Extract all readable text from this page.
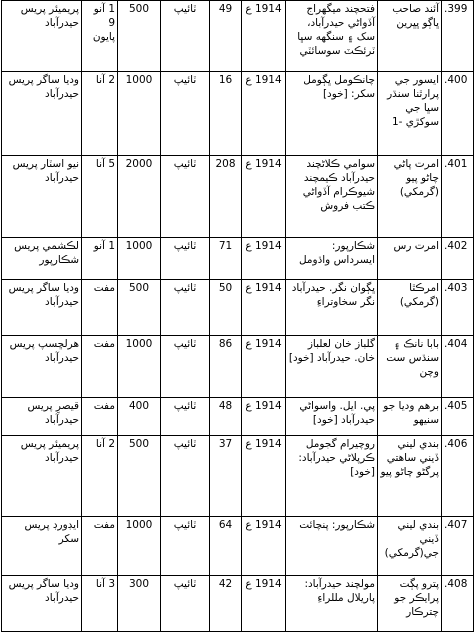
پريميئر پريس حيدرآباد	1 آنو 9 پايون	500	ٽائيپ	49	1914 ع	فتحچند ميگهراج آڏواڻي حيدرآباد، سک ۽ سنگهه سڀا ٽرئڪٽ سوسائٽي	آئند صاحب ڀاڳو ڀڀرين	.399
وديا ساگر پريس حيدرآباد	2 آنا	1000	ٽائيپ	16	1914 ع	چانڪومل ڀڳومل سکر: [خود]	ايسور جي پرارٿنا سنڌر سڀا جي سوکڙي -1	.400
نيو اسٽار پريس حيدرآباد	5 آنا	2000	ٽائيپ	208	1914 ع	سوامي ڪلاڻچند حيدرآباد ڪيمچند شيوڪرام آڏواڻي ڪتب فروش	امرت پاڻي چاڻو پيو (گرمکي)	.401
لڪشمي پريس شڪارپور	1 آنو	1000	ٽائيپ	71	1914 ع	شڪارپور: ايسرداس واڌومل	امرت رس	.402
وديا ساگر پريس حيدرآباد	مفت	500	ٽائيپ	50	1914 ع	ڀڳوان نگر. حيدرآباد نگر سخاوتراءِ	امرڪٿا (گرمکي)	.403
هرلڇسپ پريس حيدرآباد	مفت	1000	ٽائيپ	86	1914 ع	گلباز خان لعلباز خان. حيدرآباد [خود]	بابا نانڪ ۽ سنڌس ست وچن	.404
قيصرِ پريس حيدرآباد	مفت	400	ٽائيپ	48	1914 ع	پي. ايل. واسواڻي حيدرآباد [خود]	برهم وديا جو سنيهو	.405
پريميئر پريس حيدرآباد	2 آنا	500	ٽائيپ	37	1914 ع	روچيرام گجومل ڪرپلاڻي حيدرآباد: [خود]	بندي ليني ڏيني ساهتي پرگڻو چاڻو پيو	.406
ايڊورڊ پريس سکر	مفت	1000	ٽائيپ	64	1914 ع	شڪارپور: پنچائت	بندي ليني ڏيني جي(گرمکي)	.407
وديا ساگر پريس حيدرآباد	3 آنا	300	ٽائيپ	42	1914 ع	مولچند حيدرآباد: پاريلال مللراءِ	پترو پڳت پرايڪر جو چترڪار	.408
